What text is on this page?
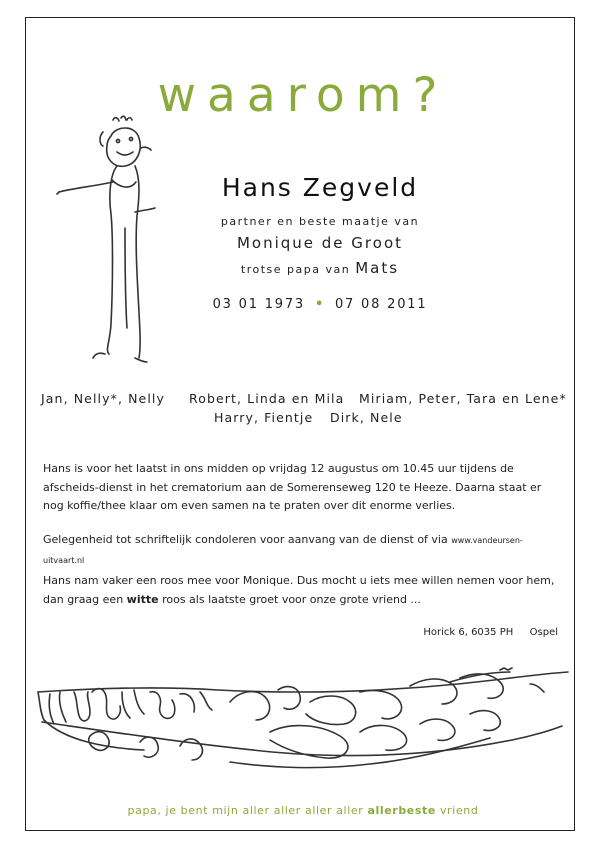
waarom?
Hans Zegveld
partner en beste maatje van
Monique de Groot
trotse papa van Mats
03 01 1973 • 07 08 2011
Jan, Nelly*, Nelly Robert, Linda en Mila Miriam, Peter, Tara en Lene*
Harry, Fientje Dirk, Nele
Hans is voor het laatst in ons midden op vrijdag 12 augustus om 10.45 uur tijdens de afscheids-dienst in het crematorium aan de Somerenseweg 120 te Heeze. Daarna staat er nog koffie/thee klaar om even samen na te praten over dit enorme verlies.
Gelegenheid tot schriftelijk condoleren voor aanvang van de dienst of via www.vandeursen-uitvaart.nl
Hans nam vaker een roos mee voor Monique. Dus mocht u iets mee willen nemen voor hem, dan graag een witte roos als laatste groet voor onze grote vriend ...
Horick 6, 6035 PH Ospel
papa, je bent mijn aller aller aller aller allerbeste vriend
